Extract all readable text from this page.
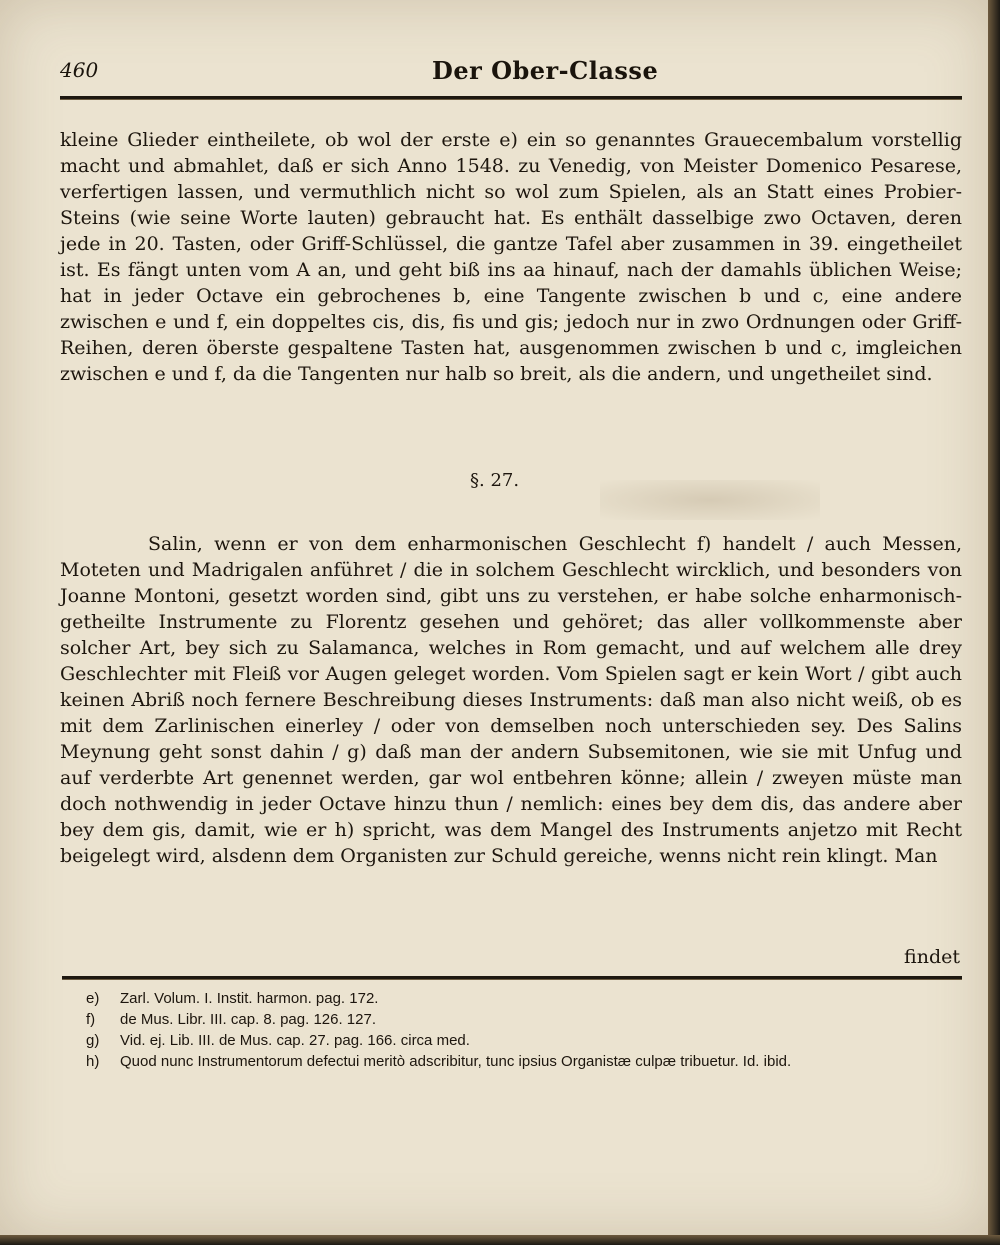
460	Der Ober-Classe

kleine Glieder eintheilete, ob wol der erste e) ein so genanntes Grauecembalum vorstellig macht und abmahlet, daß er sich Anno 1548. zu Venedig, von Meister Domenico Pesarese, verfertigen lassen, und vermuthlich nicht so wol zum Spielen, als an Statt eines Probier-Steins (wie seine Worte lauten) gebraucht hat. Es enthält dasselbige zwo Octaven, deren jede in 20. Tasten, oder Griff-Schlüssel, die gantze Tafel aber zusammen in 39. eingetheilet ist. Es fängt unten vom A an, und geht biß ins aa hinauf, nach der damahls üblichen Weise; hat in jeder Octave ein gebrochenes b, eine Tangente zwischen b und c, eine andere zwischen e und f, ein doppeltes cis, dis, fis und gis; jedoch nur in zwo Ordnungen oder Griff-Reihen, deren öberste gespaltene Tasten hat, ausgenommen zwischen b und c, imgleichen zwischen e und f, da die Tangenten nur halb so breit, als die andern, und ungetheilet sind.

§. 27.

Salin, wenn er von dem enharmonischen Geschlecht f) handelt / auch Messen, Moteten und Madrigalen anführet / die in solchem Geschlecht wircklich, und besonders von Joanne Montoni, gesetzt worden sind, gibt uns zu verstehen, er habe solche enharmonisch-getheilte Instrumente zu Florentz gesehen und gehöret; das aller vollkommenste aber solcher Art, bey sich zu Salamanca, welches in Rom gemacht, und auf welchem alle drey Geschlechter mit Fleiß vor Augen geleget worden. Vom Spielen sagt er kein Wort / gibt auch keinen Abriß noch fernere Beschreibung dieses Instruments: daß man also nicht weiß, ob es mit dem Zarlinischen einerley / oder von demselben noch unterschieden sey. Des Salins Meynung geht sonst dahin / g) daß man der andern Subsemitonen, wie sie mit Unfug und auf verderbte Art genennet werden, gar wol entbehren könne; allein / zweyen müste man doch nothwendig in jeder Octave hinzu thun / nemlich: eines bey dem dis, das andere aber bey dem gis, damit, wie er h) spricht, was dem Mangel des Instruments anjetzo mit Recht beigelegt wird, alsdenn dem Organisten zur Schuld gereiche, wenns nicht rein klingt. Man

findet
e) Zarl. Volum. I. Instit. harmon. pag. 172.
f) de Mus. Libr. III. cap. 8. pag. 126. 127.
g) Vid. ej. Lib. III. de Mus. cap. 27. pag. 166. circa med.
h) Quod nunc Instrumentorum defectui meritò adscribitur, tunc ipsius Organistæ culpæ tribuetur. Id. ibid.
